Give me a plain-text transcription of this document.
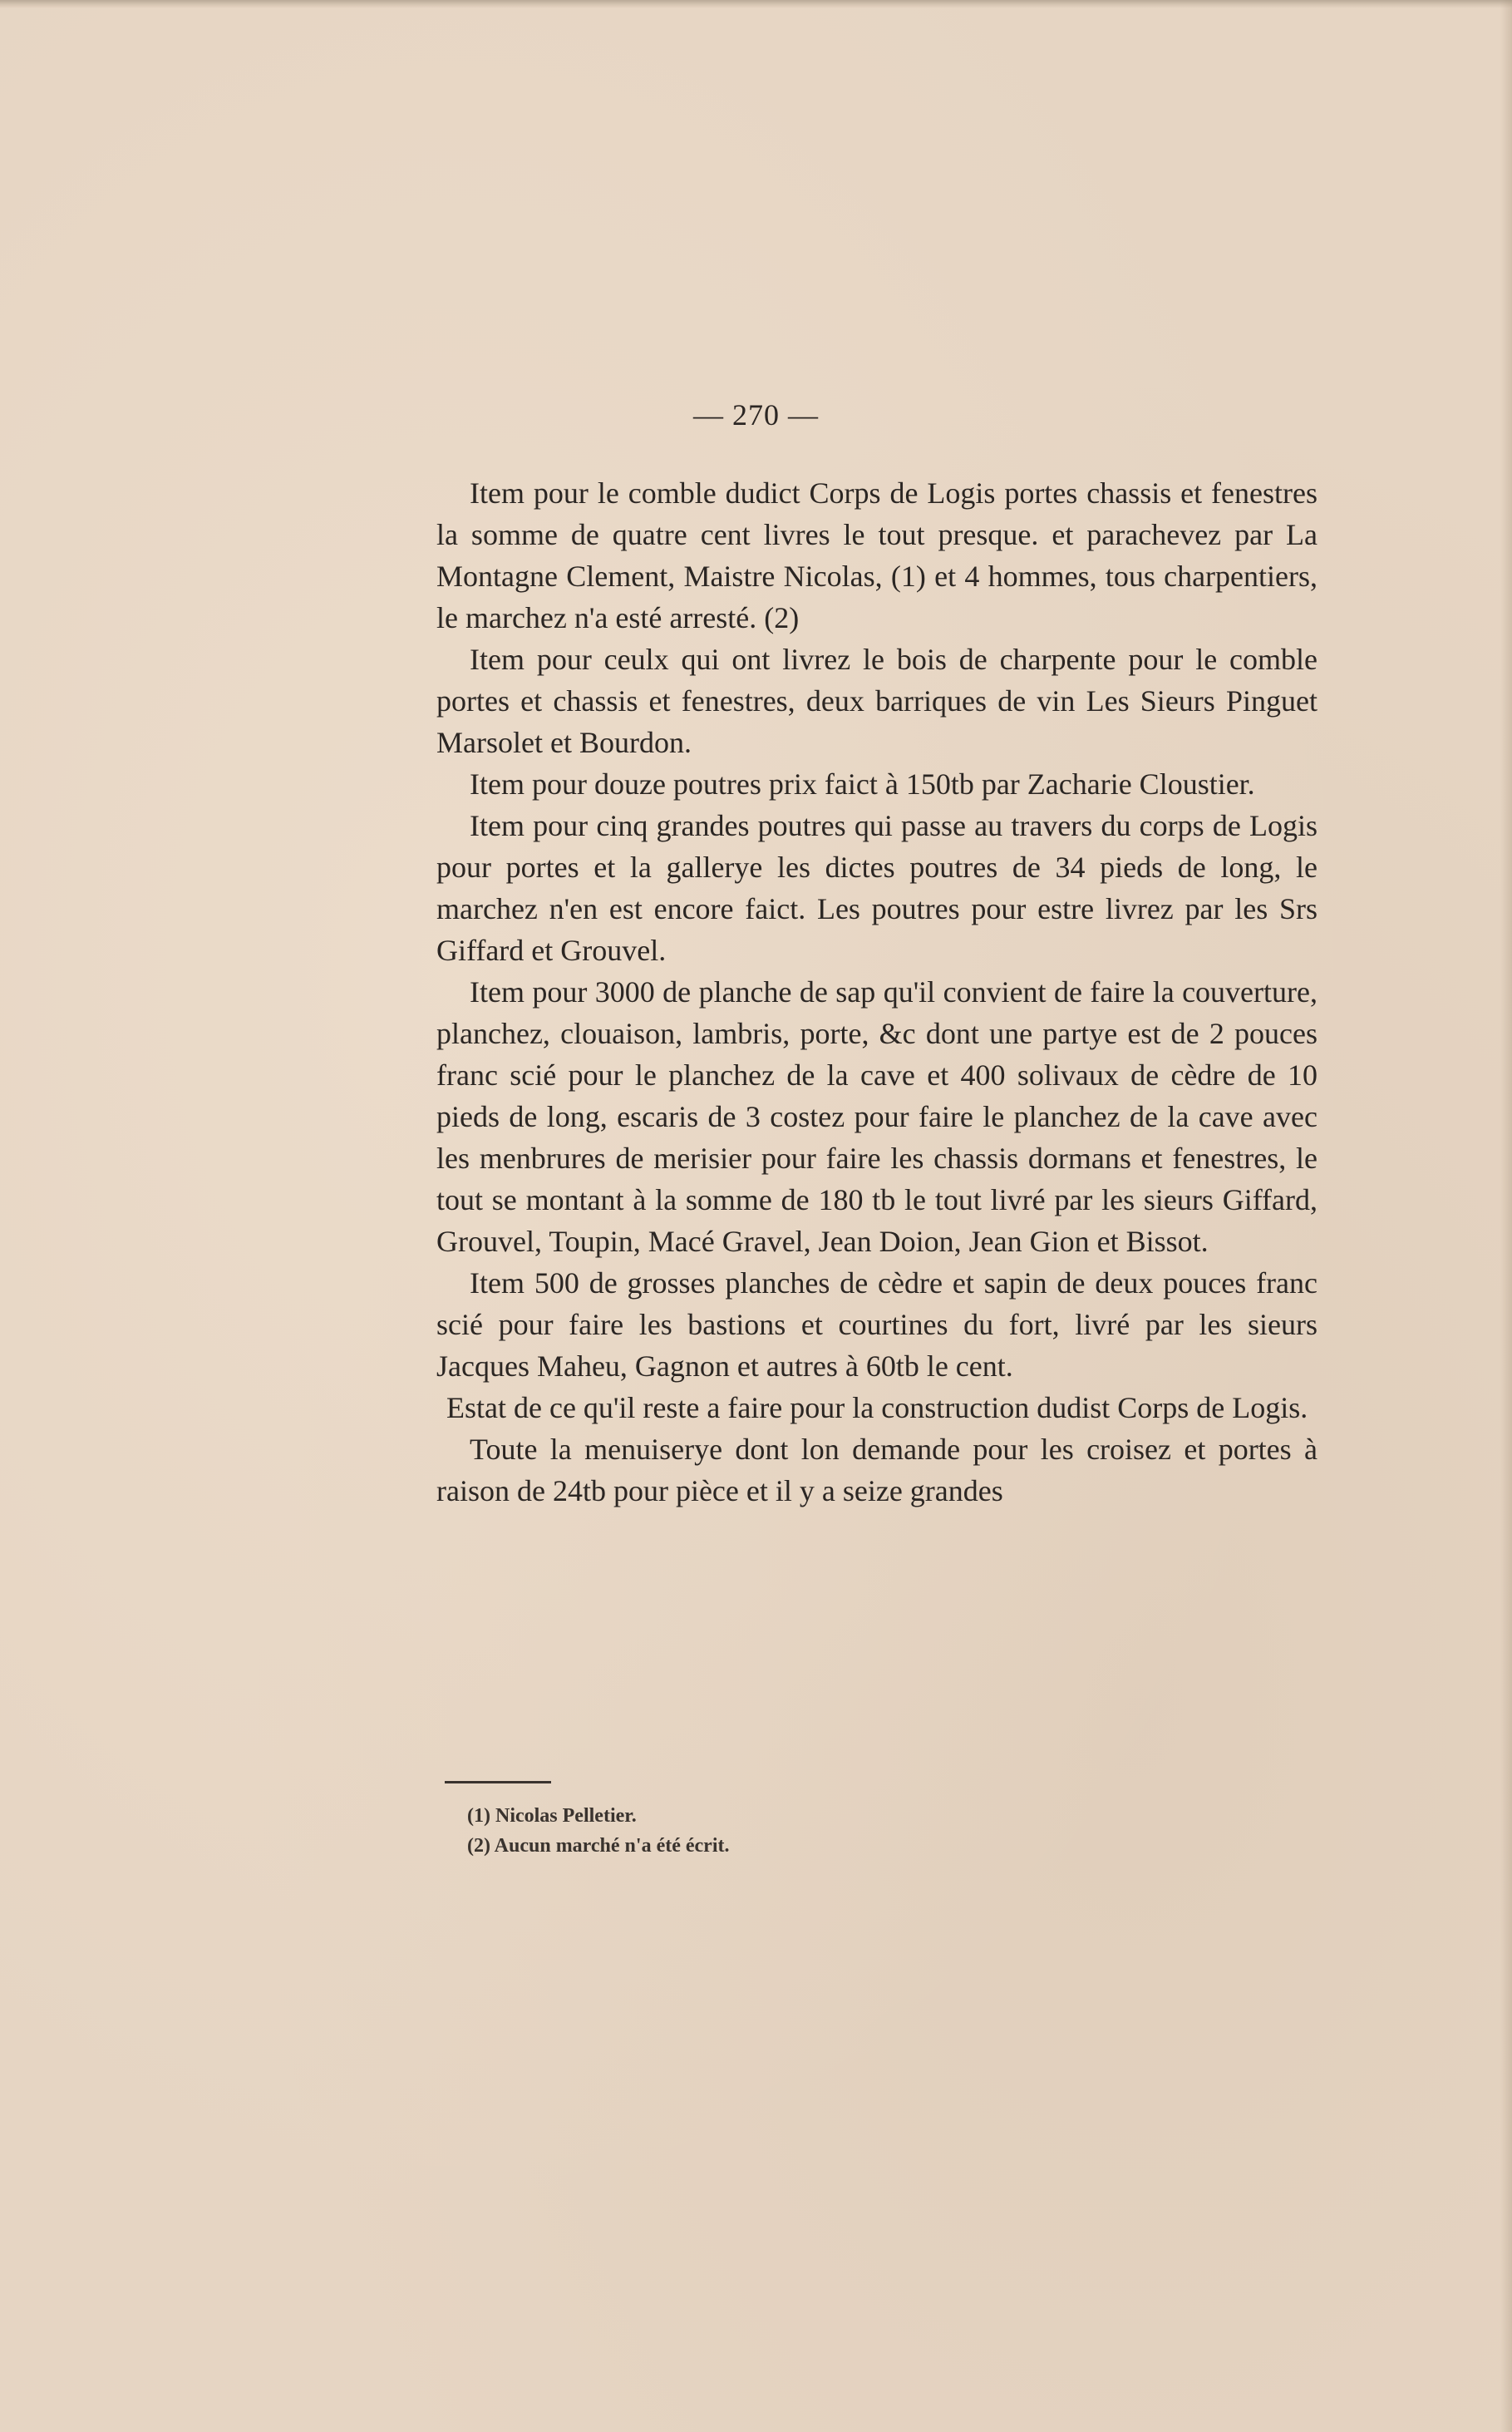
— 270 —

Item pour le comble dudict Corps de Logis portes chassis et fenestres la somme de quatre cent livres le tout presque. et parachevez par La Montagne Clement, Maistre Nicolas, (1) et 4 hommes, tous charpentiers, le marchez n'a esté arresté. (2)

Item pour ceulx qui ont livrez le bois de charpente pour le comble portes et chassis et fenestres, deux barriques de vin Les Sieurs Pinguet Marsolet et Bourdon.

Item pour douze poutres prix faict à 150tb par Zacharie Cloustier.

Item pour cinq grandes poutres qui passe au travers du corps de Logis pour portes et la gallerye les dictes poutres de 34 pieds de long, le marchez n'en est encore faict. Les poutres pour estre livrez par les Srs Giffard et Grouvel.

Item pour 3000 de planche de sap qu'il convient de faire la couverture, planchez, clouaison, lambris, porte, &c dont une partye est de 2 pouces franc scié pour le planchez de la cave et 400 solivaux de cèdre de 10 pieds de long, escaris de 3 costez pour faire le planchez de la cave avec les menbrures de merisier pour faire les chassis dormans et fenestres, le tout se montant à la somme de 180 tb le tout livré par les sieurs Giffard, Grouvel, Toupin, Macé Gravel, Jean Doion, Jean Gion et Bissot.

Item 500 de grosses planches de cèdre et sapin de deux pouces franc scié pour faire les bastions et courtines du fort, livré par les sieurs Jacques Maheu, Gagnon et autres à 60tb le cent.

Estat de ce qu'il reste a faire pour la construction dudist Corps de Logis.

Toute la menuiserye dont lon demande pour les croisez et portes à raison de 24tb pour pièce et il y a seize grandes

(1) Nicolas Pelletier.
(2) Aucun marché n'a été écrit.
